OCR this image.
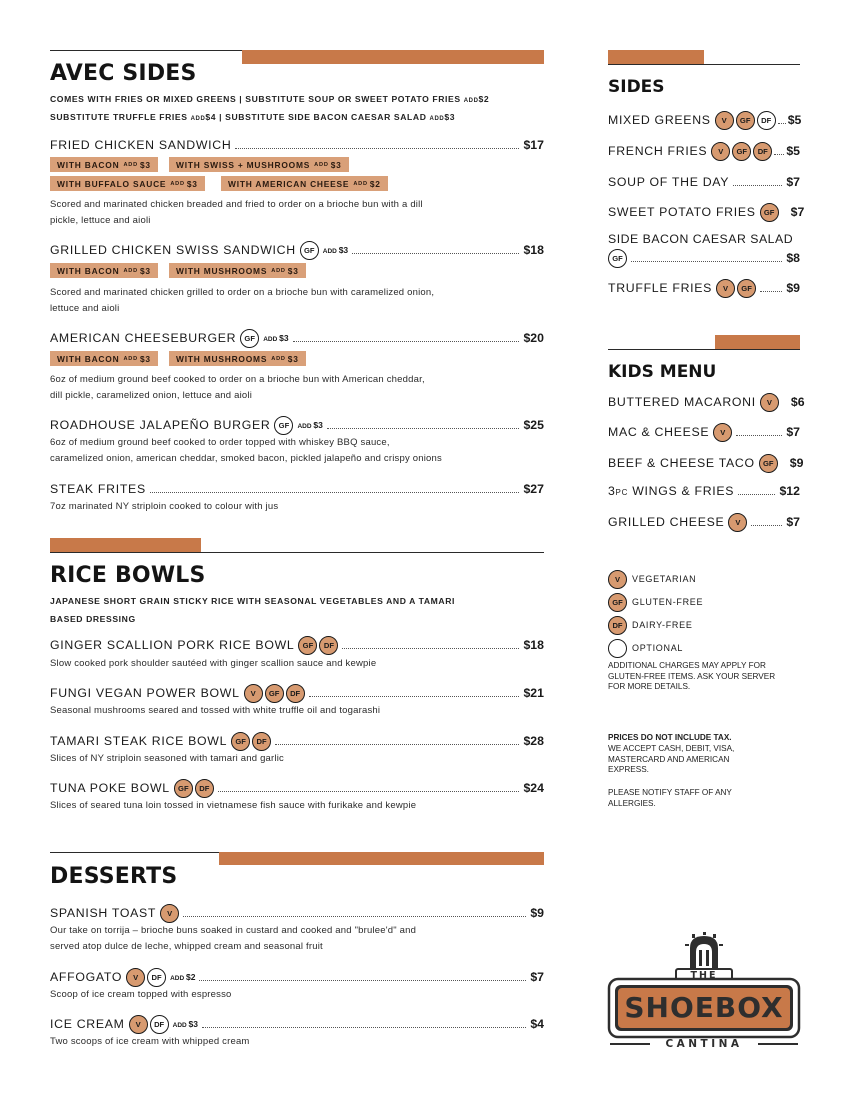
AVEC SIDES
COMES WITH FRIES OR MIXED GREENS | SUBSTITUTE SOUP OR SWEET POTATO FRIES ADD$2
SUBSTITUTE TRUFFLE FRIES ADD$4 | SUBSTITUTE SIDE BACON CAESAR SALAD ADD$3
FRIED CHICKEN SANDWICH	$17
WITH BACON ADD $3	WITH SWISS + MUSHROOMS ADD $3
WITH BUFFALO SAUCE ADD $3	WITH AMERICAN CHEESE ADD $2
Scored and marinated chicken breaded and fried to order on a brioche bun with a dill
pickle, lettuce and aioli
GRILLED CHICKEN SWISS SANDWICH	GF	ADD $3	$18
WITH BACON ADD $3	WITH MUSHROOMS ADD $3
Scored and marinated chicken grilled to order on a brioche bun with caramelized onion,
lettuce and aioli
AMERICAN CHEESEBURGER	GF	ADD $3	$20
WITH BACON ADD $3	WITH MUSHROOMS ADD $3
6oz of medium ground beef cooked to order on a brioche bun with American cheddar,
dill pickle, caramelized onion, lettuce and aioli
ROADHOUSE JALAPEÑO BURGER	GF	ADD $3	$25
6oz of medium ground beef cooked to order topped with whiskey BBQ sauce,
caramelized onion, american cheddar, smoked bacon, pickled jalapeño and crispy onions
STEAK FRITES	$27
7oz marinated NY striploin cooked to colour with jus
RICE BOWLS
JAPANESE SHORT GRAIN STICKY RICE WITH SEASONAL VEGETABLES AND A TAMARI
BASED DRESSING
GINGER SCALLION PORK RICE BOWL	GF	DF	$18
Slow cooked pork shoulder sautéed with ginger scallion sauce and kewpie
FUNGI VEGAN POWER BOWL	V	GF	DF	$21
Seasonal mushrooms seared and tossed with white truffle oil and togarashi
TAMARI STEAK RICE BOWL	GF	DF	$28
Slices of NY striploin seasoned with tamari and garlic
TUNA POKE BOWL	GF	DF	$24
Slices of seared tuna loin tossed in vietnamese fish sauce with furikake and kewpie
DESSERTS
SPANISH TOAST	V	$9
Our take on torrija – brioche buns soaked in custard and cooked and "brulee'd" and
served atop dulce de leche, whipped cream and seasonal fruit
AFFOGATO	V	DF	ADD $2	$7
Scoop of ice cream topped with espresso
ICE CREAM	V	DF	ADD $3	$4
Two scoops of ice cream with whipped cream
SIDES
MIXED GREENS	V	GF	DF	$5
FRENCH FRIES	V	GF	DF	$5
SOUP OF THE DAY	$7
SWEET POTATO FRIES	GF	$7
SIDE BACON CAESAR SALAD
GF	$8
TRUFFLE FRIES	V	GF	$9
KIDS MENU
BUTTERED MACARONI	V	$6
MAC & CHEESE	V	$7
BEEF & CHEESE TACO	GF	$9
3PC WINGS & FRIES	$12
GRILLED CHEESE	V	$7
V	VEGETARIAN
GF	GLUTEN-FREE
DF	DAIRY-FREE
OPTIONAL
ADDITIONAL CHARGES MAY APPLY FOR
GLUTEN-FREE ITEMS. ASK YOUR SERVER
FOR MORE DETAILS.
PRICES DO NOT INCLUDE TAX.
WE ACCEPT CASH, DEBIT, VISA,
MASTERCARD AND AMERICAN
EXPRESS.
PLEASE NOTIFY STAFF OF ANY
ALLERGIES.
THE
SHOEBOX
CANTINA
